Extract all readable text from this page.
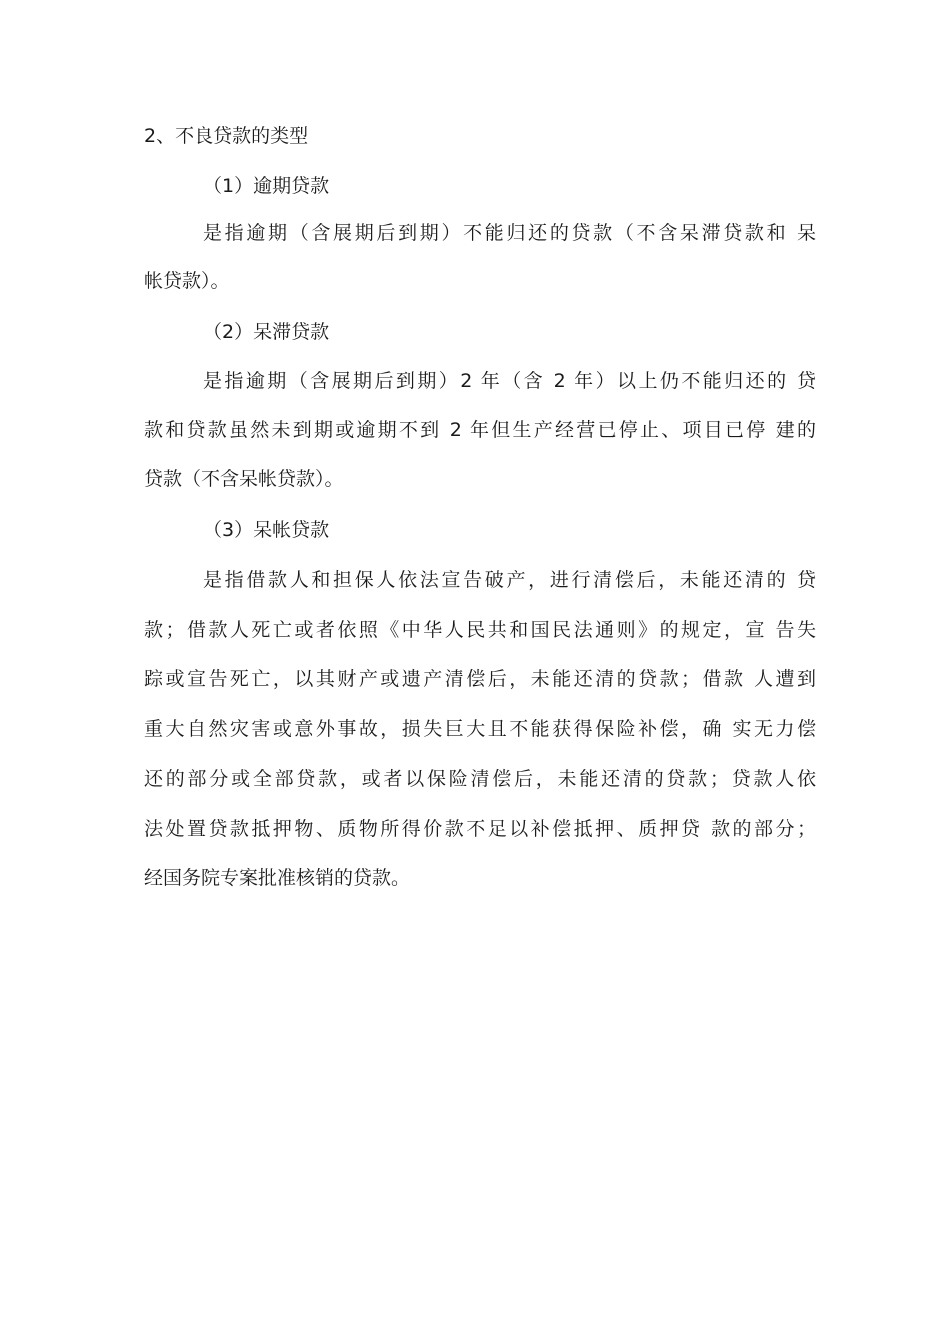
2、不良贷款的类型

（1）逾期贷款

是指逾期（含展期后到期）不能归还的贷款（不含呆滞贷款和 呆

帐贷款）。

（2）呆滞贷款

是指逾期（含展期后到期）2 年（含 2 年）以上仍不能归还的 贷

款和贷款虽然未到期或逾期不到 2 年但生产经营已停止、项目已停 建的

贷款（不含呆帐贷款）。

（3）呆帐贷款

是指借款人和担保人依法宣告破产，进行清偿后，未能还清的 贷

款；借款人死亡或者依照《中华人民共和国民法通则》的规定，宣 告失

踪或宣告死亡，以其财产或遗产清偿后，未能还清的贷款；借款 人遭到

重大自然灾害或意外事故，损失巨大且不能获得保险补偿，确 实无力偿

还的部分或全部贷款，或者以保险清偿后，未能还清的贷款；贷款人依

法处置贷款抵押物、质物所得价款不足以补偿抵押、质押贷 款的部分；

经国务院专案批准核销的贷款。
